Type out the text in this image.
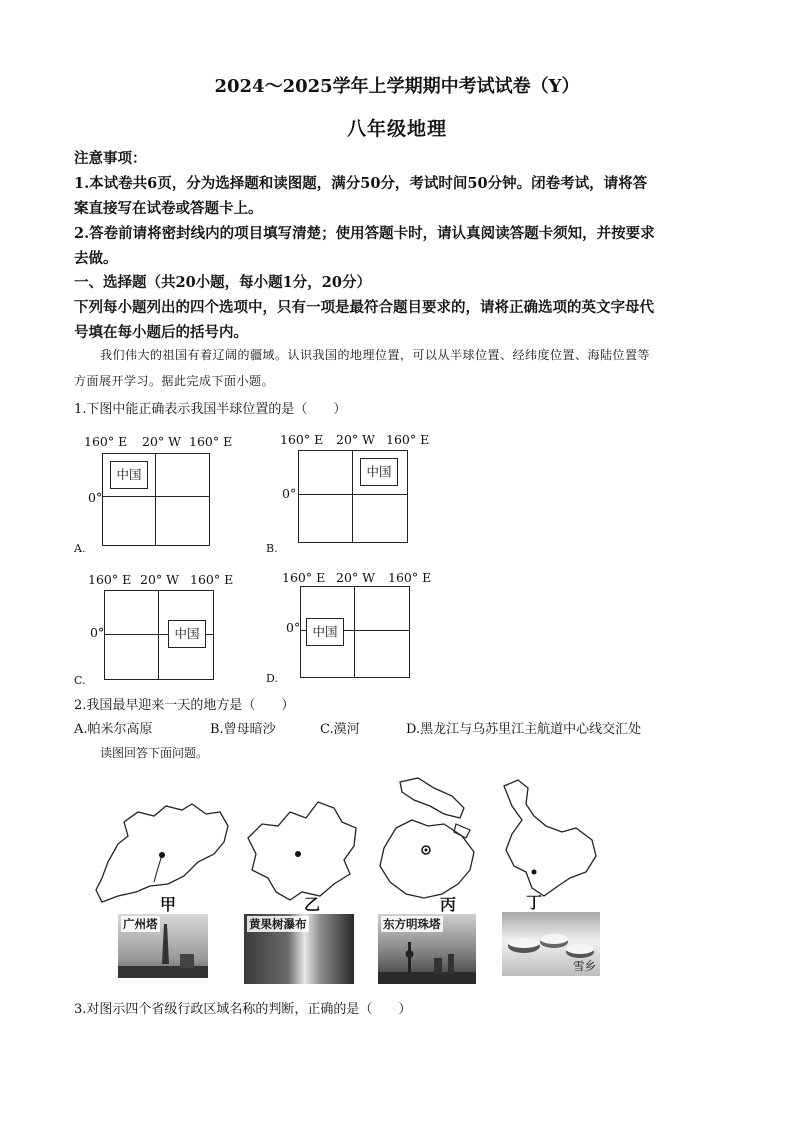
2024～2025学年上学期期中考试试卷（Y）
八年级地理
注意事项：
1.本试卷共6页，分为选择题和读图题，满分50分，考试时间50分钟。闭卷考试，请将答
案直接写在试卷或答题卡上。
2.答卷前请将密封线内的项目填写清楚；使用答题卡时，请认真阅读答题卡须知，并按要求
去做。
一、选择题（共20小题，每小题1分，20分）
下列每小题列出的四个选项中，只有一项是最符合题目要求的，请将正确选项的英文字母代
号填在每小题后的括号内。
我们伟大的祖国有着辽阔的疆域。认识我国的地理位置，可以从半球位置、经纬度位置、海陆位置等
方面展开学习。据此完成下面小题。
1.下图中能正确表示我国半球位置的是（　　）
160° E 20° W 160° E
0°
中国
A.
160° E 20° W 160° E
0°
中国
B.
160° E 20° W 160° E
0°	中国
C.
160° E 20° W 160° E
0° 中国
D.
2.我国最早迎来一天的地方是（　　）
A.帕米尔高原	B.曾母暗沙	C.漠河	D.黑龙江与乌苏里江主航道中心线交汇处
读图回答下面问题。
甲	乙	丙	丁
广州塔	黄果树瀑布	东方明珠塔
雪乡
3.对图示四个省级行政区域名称的判断，正确的是（　　）
